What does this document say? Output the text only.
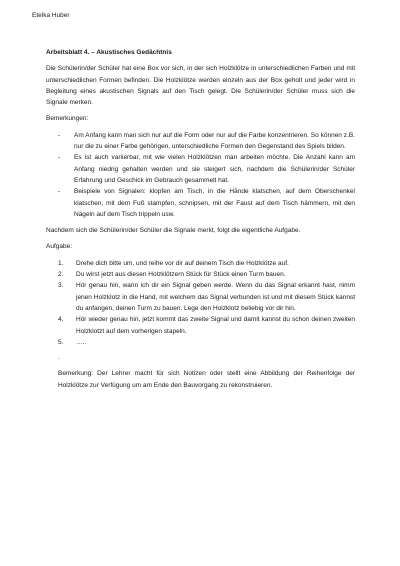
Etelka Huber

Arbeitsblatt 4. – Akustisches Gedächtnis

Die Schülerin/der Schüler hat eine Box vor sich, in der sich Holzklötze in unterschiedlichen Farben und mit unterschiedlichen Formen befinden. Die Holzklötze werden einzeln aus der Box geholt und jeder wird in Begleitung eines akustischen Signals auf den Tisch gelegt. Die Schülerin/der Schüler muss sich die Signale merken.

Bemerkungen:

- Am Anfang kann man sich nur auf die Form oder nur auf die Farbe konzentrieren. So können z.B. nur die zu einer Farbe gehörigen, unterschiedliche Formen den Gegenstand des Spiels bilden.
- Es ist auch variierbar, mit wie vielen Holzklötzen man arbeiten möchte. Die Anzahl kann am Anfang niedrig gehalten werden und sie steigert sich, nachdem die Schülerin/der Schüler Erfahrung und Geschick im Gebrauch gesammelt hat.
- Beispiele von Signalen: klopfen am Tisch, in die Hände klatschen, auf dem Oberschenkel klatschen, mit dem Fuß stampfen, schnipsen, mit der Faust auf dem Tisch hämmern, mit den Nägeln auf dem Tisch trippeln usw.

Nachdem sich die Schülerin/der Schüler die Signale merkt, folgt die eigentliche Aufgabe.

Aufgabe:

1. Drehe dich bitte um, und reihe vor dir auf deinem Tisch die Holzklötze auf.
2. Du wirst jetzt aus diesen Holzklötzern Stück für Stück einen Turm bauen.
3. Hör genau hin, wann ich dir ein Signal geben werde. Wenn du das Signal erkannt hast, nimm jenen Holzklotz in die Hand, mit welchem das Signal verbunden ist und mit diesem Stück kannst du anfangen, deinen Turm zu bauen. Lege den Holzklotz beliebig vor dir hin.
4. Hör wieder genau hin, jetzt kommt das zweite Signal und damit kannst du schon deinen zweiten Holzklotzt auf dem vorherigen stapeln.
5. …..

.

Bemerkung: Der Lehrer macht für sich Notizen oder stellt eine Abbildung der Reihenfolge der Holzklötze zur Verfügung um am Ende den Bauvorgang zu rekonstruieren.
